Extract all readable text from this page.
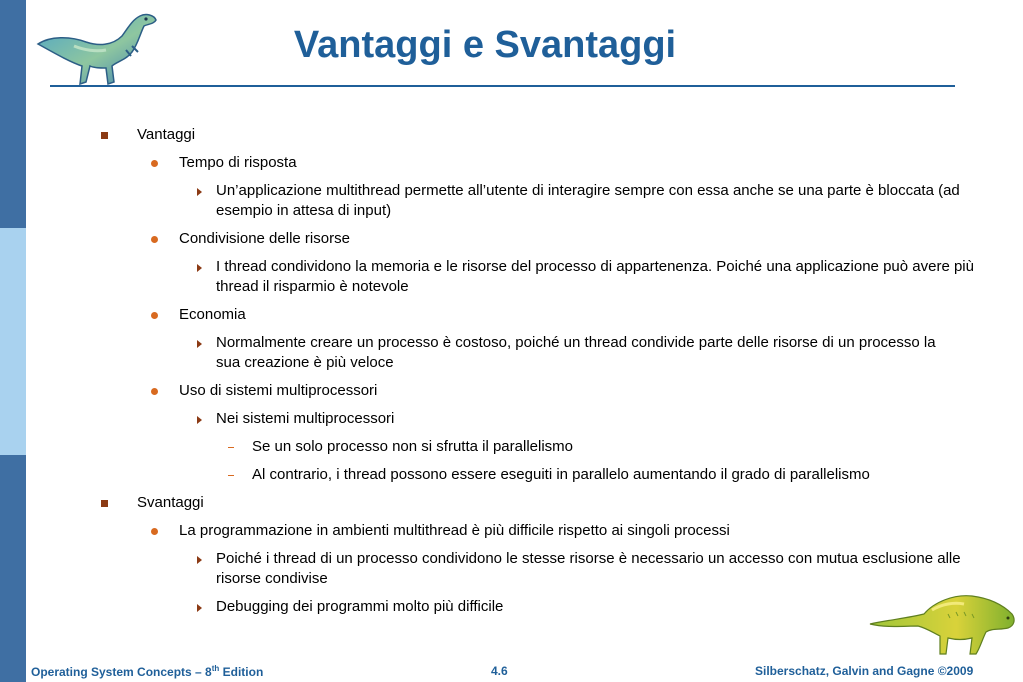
Vantaggi e Svantaggi
Vantaggi
Tempo di risposta
Un’applicazione multithread permette all’utente di interagire sempre con essa anche se una parte è bloccata (ad esempio in attesa di input)
Condivisione delle risorse
I thread condividono la memoria e le risorse del processo di appartenenza. Poiché una applicazione può avere più thread il risparmio è notevole
Economia
Normalmente creare un processo è costoso, poiché un thread condivide parte delle risorse di un processo la sua creazione è più veloce
Uso di sistemi multiprocessori
Nei sistemi multiprocessori
Se un solo processo non si sfrutta il parallelismo
Al contrario, i thread possono essere eseguiti in parallelo aumentando il grado di parallelismo
Svantaggi
La programmazione in ambienti multithread è più difficile rispetto ai singoli processi
Poiché i thread di un processo condividono le stesse risorse è necessario un accesso con mutua esclusione alle risorse condivise
Debugging dei programmi molto più difficile
Operating System Concepts – 8th Edition	4.6	Silberschatz, Galvin and Gagne ©2009
